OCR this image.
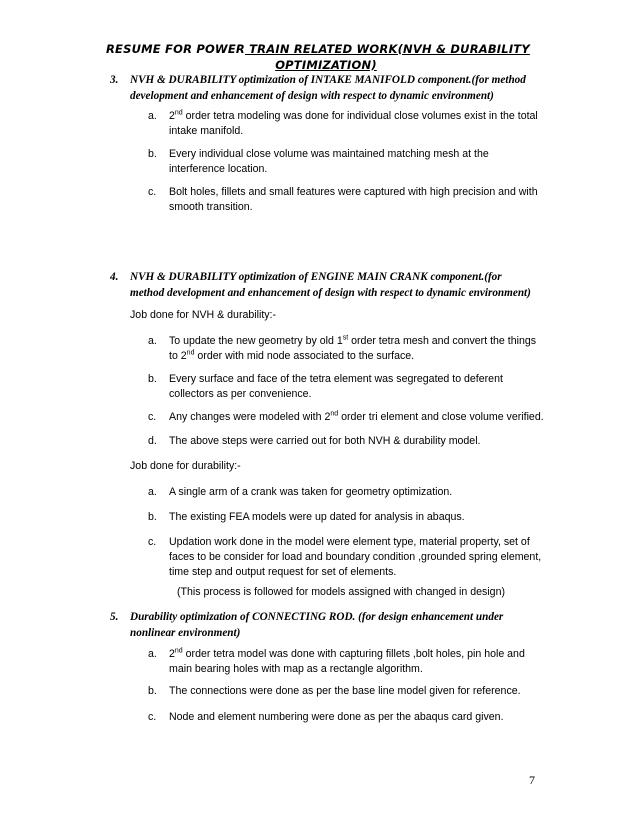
RESUME FOR POWER TRAIN RELATED WORK(NVH & DURABILITY
OPTIMIZATION)
3. NVH & DURABILITY optimization of INTAKE MANIFOLD component.(for method
development and enhancement of design with respect to dynamic environment)
a.	2nd order tetra modeling was done for individual close volumes exist in the total
intake manifold.
b.	Every individual close volume was maintained matching mesh at the
interference location.
c.	Bolt holes, fillets and small features were captured with high precision and with
smooth transition.
4. NVH & DURABILITY optimization of ENGINE MAIN CRANK component.(for
method development and enhancement of design with respect to dynamic environment)
Job done for NVH & durability:-
a.	To update the new geometry by old 1st order tetra mesh and convert the things
to 2nd order with mid node associated to the surface.
b.	Every surface and face of the tetra element was segregated to deferent
collectors as per convenience.
c.	Any changes were modeled with 2nd order tri element and close volume verified.
d.	The above steps were carried out for both NVH & durability model.
Job done for durability:-
a.	A single arm of a crank was taken for geometry optimization.
b.	The existing FEA models were up dated for analysis in abaqus.
c.	Updation work done in the model were element type, material property, set of
faces to be consider for load and boundary condition ,grounded spring element,
time step and output request for set of elements.
(This process is followed for models assigned with changed in design)
5. Durability optimization of CONNECTING ROD. (for design enhancement under
nonlinear environment)
a.	2nd order tetra model was done with capturing fillets ,bolt holes, pin hole and
main bearing holes with map as a rectangle algorithm.
b.	The connections were done as per the base line model given for reference.
c.	Node and element numbering were done as per the abaqus card given.
7
